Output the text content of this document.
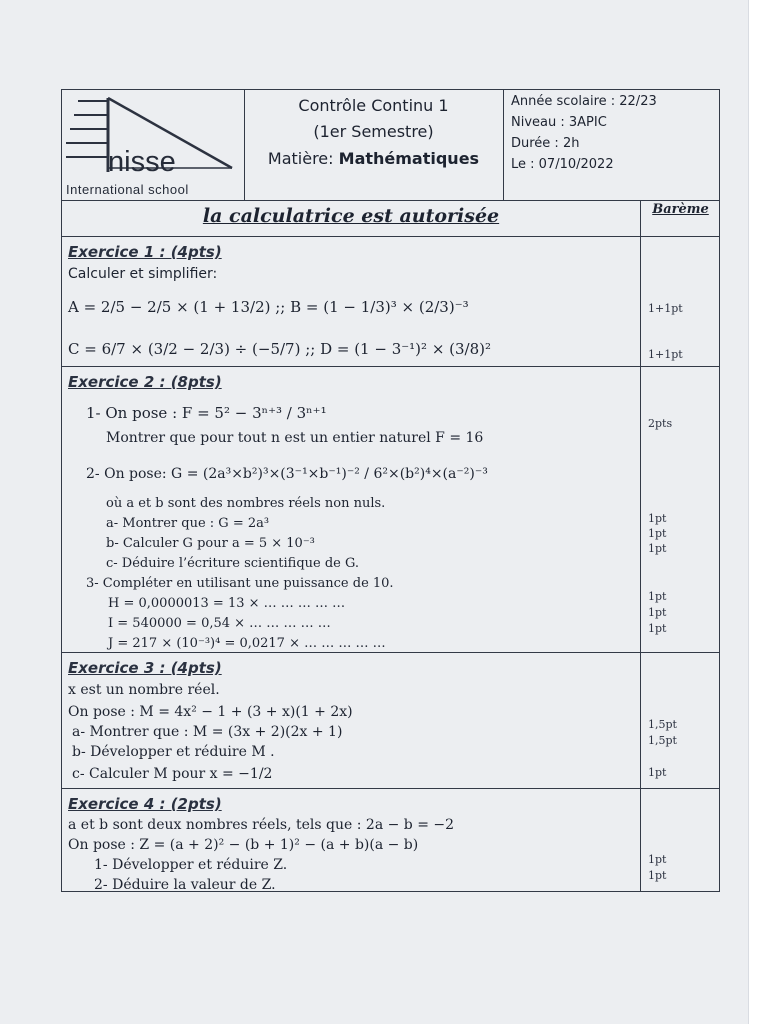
nisse
International school
Contrôle Continu 1
(1er Semestre)
Matière: Mathématiques
Année scolaire : 22/23
Niveau : 3APIC
Durée : 2h
Le : 07/10/2022
la calculatrice est autorisée	Barème
Exercice 1 : (4pts)
Calculer et simplifier:
A = 2/5 − 2/5 × (1 + 13/2) ;; B = (1 − 1/3)³ × (2/3)⁻³
C = 6/7 × (3/2 − 2/3) ÷ (−5/7) ;; D = (1 − 3⁻¹)² × (3/8)²
1+1pt
1+1pt
Exercice 2 : (8pts)
1- On pose : F = 5² − 3ⁿ⁺³ / 3ⁿ⁺¹
Montrer que pour tout n est un entier naturel F = 16
2- On pose: G = (2a³×b²)³×(3⁻¹×b⁻¹)⁻² / 6²×(b²)⁴×(a⁻²)⁻³
où a et b sont des nombres réels non nuls.
a- Montrer que : G = 2a³
b- Calculer G pour a = 5 × 10⁻³
c- Déduire l’écriture scientifique de G.
3- Compléter en utilisant une puissance de 10.
H = 0,0000013 = 13 × … … … … …
I = 540000 = 0,54 × … … … … …
J = 217 × (10⁻³)⁴ = 0,0217 × … … … … …
2pts
1pt
1pt
1pt
1pt
1pt
1pt
Exercice 3 : (4pts)
x est un nombre réel.
On pose : M = 4x² − 1 + (3 + x)(1 + 2x)
a- Montrer que : M = (3x + 2)(2x + 1)
b- Développer et réduire M .
c- Calculer M pour x = −1/2
1,5pt
1,5pt
1pt
Exercice 4 : (2pts)
a et b sont deux nombres réels, tels que : 2a − b = −2
On pose : Z = (a + 2)² − (b + 1)² − (a + b)(a − b)
1- Développer et réduire Z.
2- Déduire la valeur de Z.
1pt
1pt
